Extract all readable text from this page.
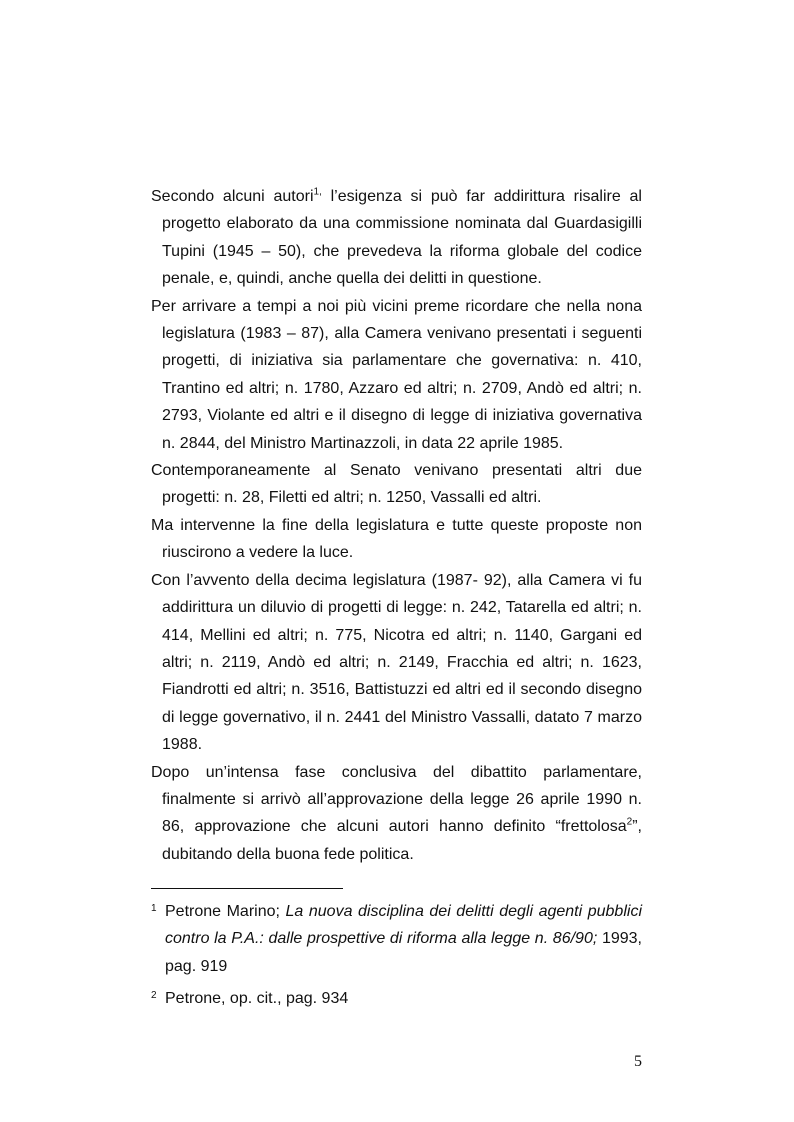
Secondo alcuni autori$^{1,}$ l’esigenza si può far addirittura risalire al progetto elaborato da una commissione nominata dal Guardasigilli Tupini (1945 – 50), che prevedeva la riforma globale del codice penale, e, quindi, anche quella dei delitti in questione.

Per arrivare a tempi a noi più vicini preme ricordare che nella nona legislatura (1983 – 87), alla Camera venivano presentati i seguenti progetti, di iniziativa sia parlamentare che governativa: n. 410, Trantino ed altri; n. 1780, Azzaro ed altri; n. 2709, Andò ed altri; n. 2793, Violante ed altri e il disegno di legge di iniziativa governativa n. 2844, del Ministro Martinazzoli, in data 22 aprile 1985.

Contemporaneamente al Senato venivano presentati altri due progetti: n. 28, Filetti ed altri; n. 1250, Vassalli ed altri.

Ma intervenne la fine della legislatura e tutte queste proposte non riuscirono a vedere la luce.

Con l’avvento della decima legislatura (1987- 92), alla Camera vi fu addirittura un diluvio di progetti di legge: n. 242, Tatarella ed altri; n. 414, Mellini ed altri; n. 775, Nicotra ed altri; n. 1140, Gargani ed altri; n. 2119, Andò ed altri; n. 2149, Fracchia ed altri; n. 1623, Fiandrotti ed altri; n. 3516, Battistuzzi ed altri ed il secondo disegno di legge governativo, il n. 2441 del Ministro Vassalli, datato 7 marzo 1988.

Dopo un’intensa fase conclusiva del dibattito parlamentare, finalmente si arrivò all’approvazione della legge 26 aprile 1990 n. 86, approvazione che alcuni autori hanno definito “frettolosa$^2$”, dubitando della buona fede politica.

1 Petrone Marino; La nuova disciplina dei delitti degli agenti pubblici contro la P.A.: dalle prospettive di riforma alla legge n. 86/90; 1993, pag. 919

2 Petrone, op. cit., pag. 934

5
